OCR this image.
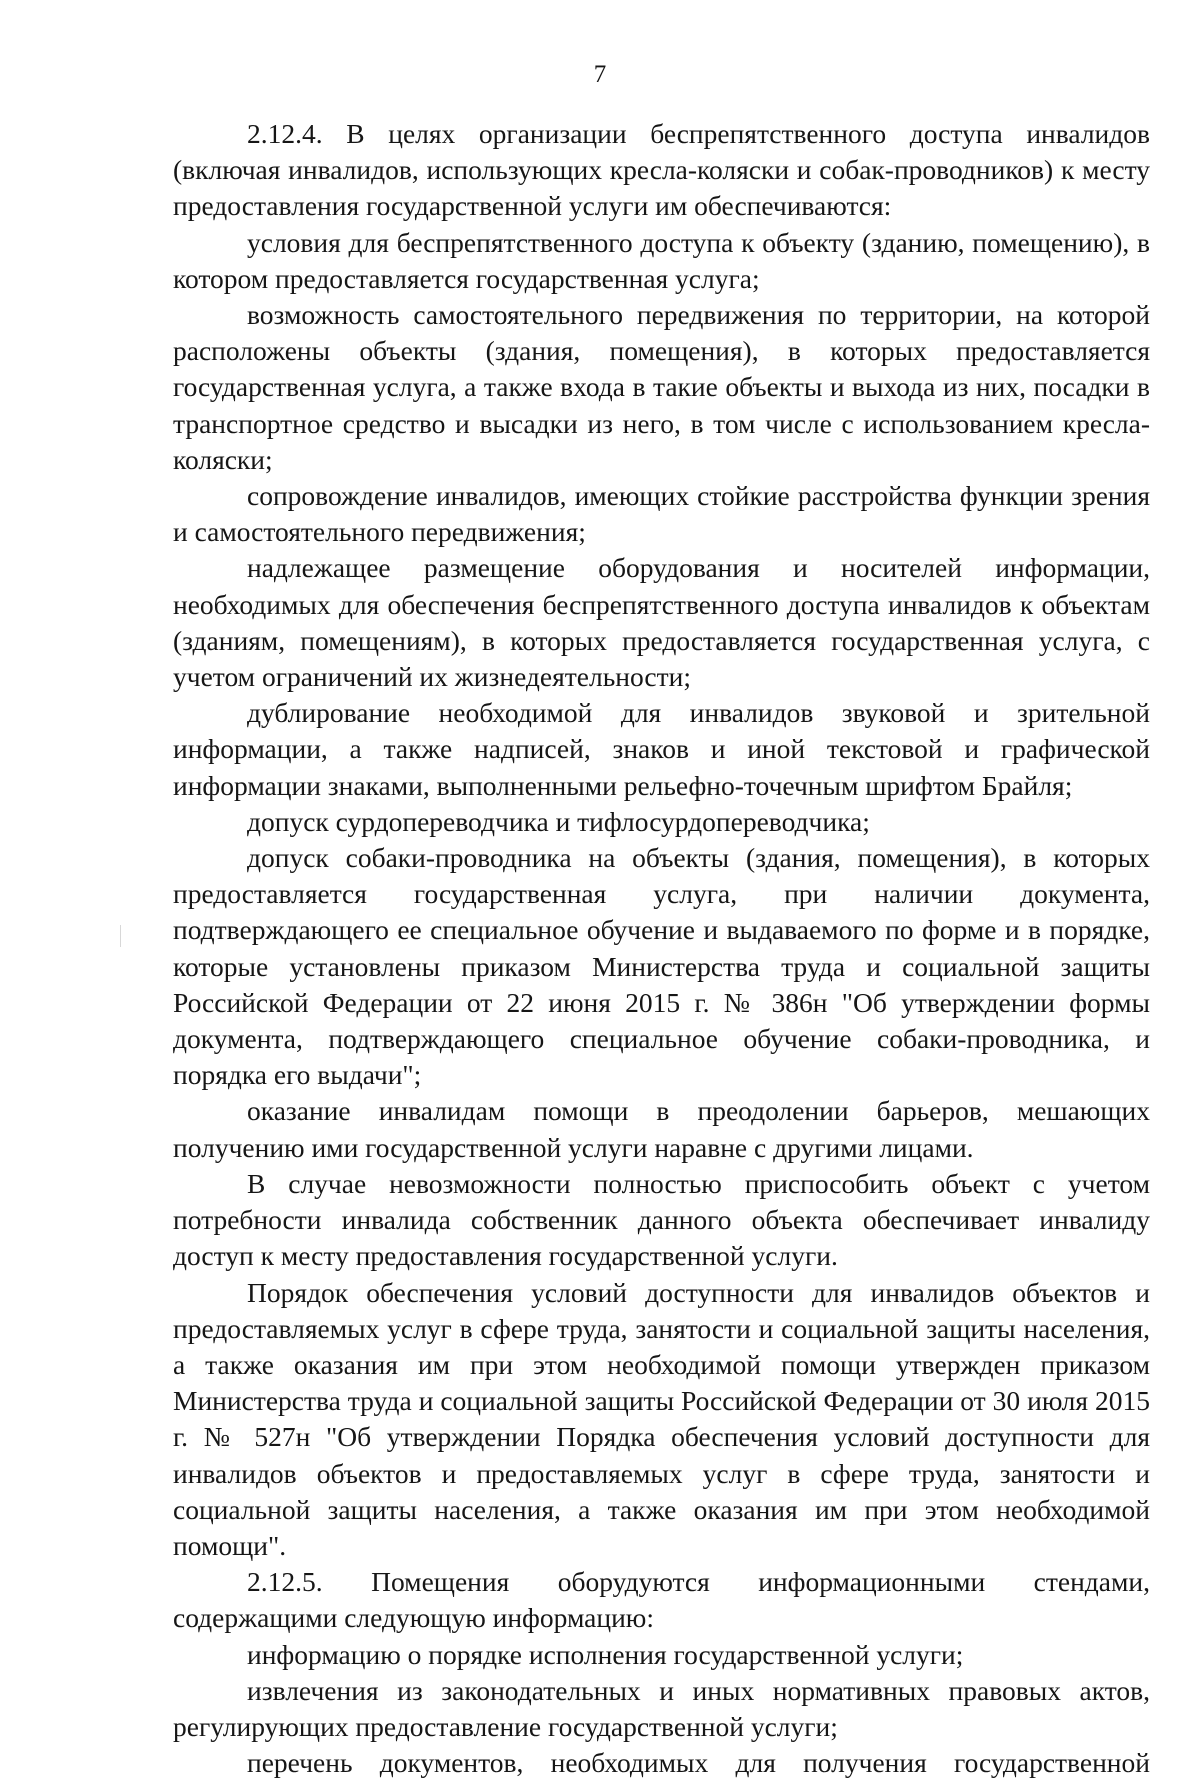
7

2.12.4. В целях организации беспрепятственного доступа инвалидов (включая инвалидов, использующих кресла-коляски и собак-проводников) к месту предоставления государственной услуги им обеспечиваются:

условия для беспрепятственного доступа к объекту (зданию, помещению), в котором предоставляется государственная услуга;

возможность самостоятельного передвижения по территории, на которой расположены объекты (здания, помещения), в которых предоставляется государственная услуга, а также входа в такие объекты и выхода из них, посадки в транспортное средство и высадки из него, в том числе с использованием кресла-коляски;

сопровождение инвалидов, имеющих стойкие расстройства функции зрения и самостоятельного передвижения;

надлежащее размещение оборудования и носителей информации, необходимых для обеспечения беспрепятственного доступа инвалидов к объектам (зданиям, помещениям), в которых предоставляется государственная услуга, с учетом ограничений их жизнедеятельности;

дублирование необходимой для инвалидов звуковой и зрительной информации, а также надписей, знаков и иной текстовой и графической информации знаками, выполненными рельефно-точечным шрифтом Брайля;

допуск сурдопереводчика и тифлосурдопереводчика;

допуск собаки-проводника на объекты (здания, помещения), в которых предоставляется государственная услуга, при наличии документа, подтверждающего ее специальное обучение и выдаваемого по форме и в порядке, которые установлены приказом Министерства труда и социальной защиты Российской Федерации от 22 июня 2015 г. № 386н "Об утверждении формы документа, подтверждающего специальное обучение собаки-проводника, и порядка его выдачи";

оказание инвалидам помощи в преодолении барьеров, мешающих получению ими государственной услуги наравне с другими лицами.

В случае невозможности полностью приспособить объект с учетом потребности инвалида собственник данного объекта обеспечивает инвалиду доступ к месту предоставления государственной услуги.

Порядок обеспечения условий доступности для инвалидов объектов и предоставляемых услуг в сфере труда, занятости и социальной защиты населения, а также оказания им при этом необходимой помощи утвержден приказом Министерства труда и социальной защиты Российской Федерации от 30 июля 2015 г. № 527н "Об утверждении Порядка обеспечения условий доступности для инвалидов объектов и предоставляемых услуг в сфере труда, занятости и социальной защиты населения, а также оказания им при этом необходимой помощи".

2.12.5. Помещения оборудуются информационными стендами, содержащими следующую информацию:

информацию о порядке исполнения государственной услуги;

извлечения из законодательных и иных нормативных правовых актов, регулирующих предоставление государственной услуги;

перечень документов, необходимых для получения государственной
